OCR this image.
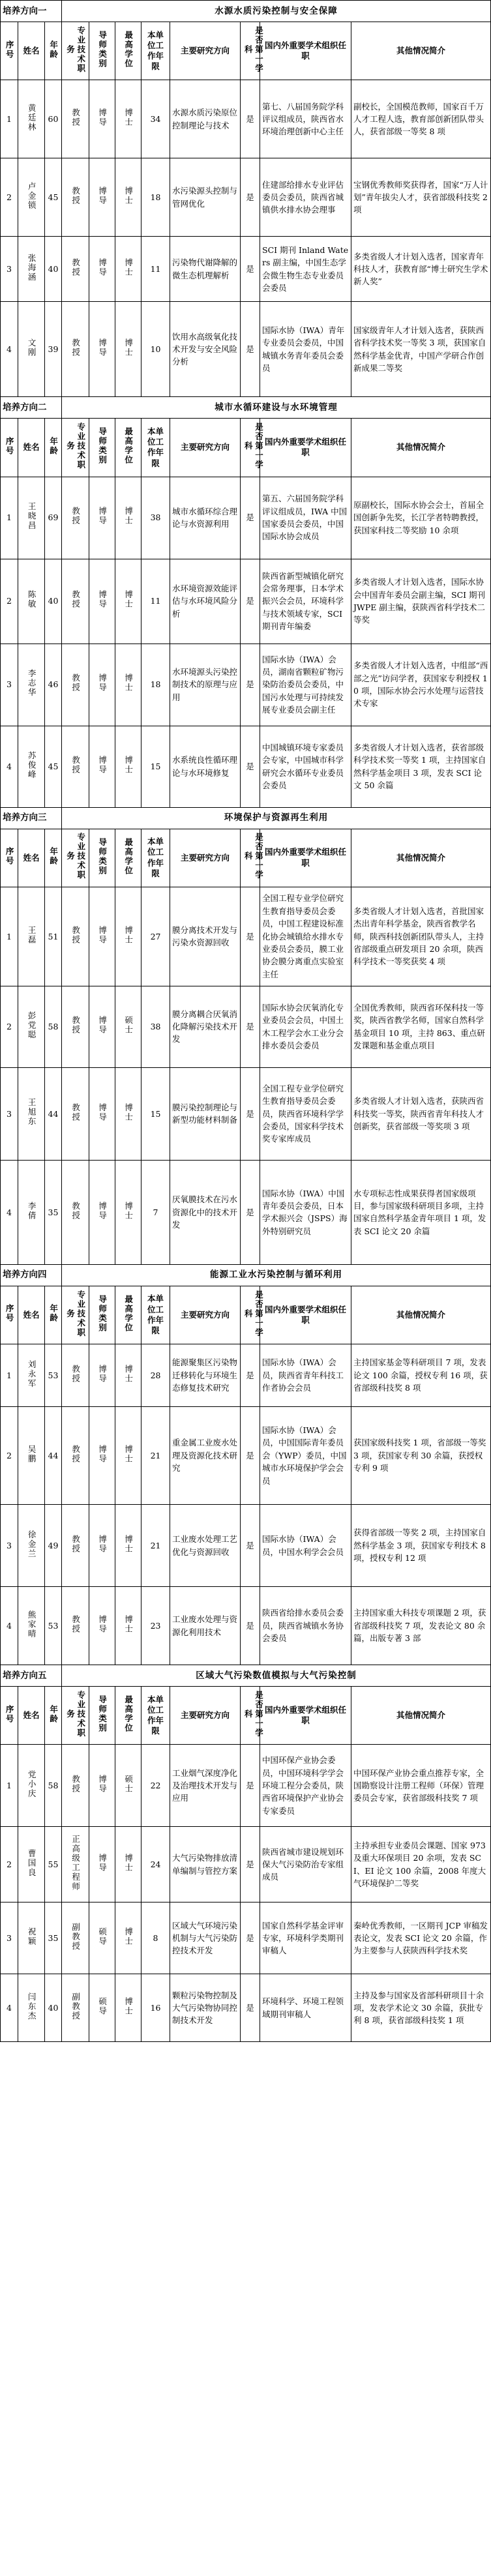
培养方向一			水源水质污染控制与安全保障							
序号	姓名	年龄	专业技术职务	导师类别	最高学位	本单位工作年限	主要研究方向	是否第一学科	国内外重要学术组织任职	其他情况简介
1	黄廷林	60	教授	博导	博士	34	水源水质污染原位控制理论与技术	是	第七、八届国务院学科评议组成员，陕西省水环境治理创新中心主任	副校长，全国模范教师，国家百千万人才工程人选，教育部创新团队带头人，获省部级一等奖 8 项
2	卢金锁	45	教授	博导	博士	18	水污染源头控制与管网优化	是	住建部给排水专业评估委员会委员，陕西省城镇供水排水协会理事	宝钢优秀教师奖获得者，国家“万人计划”青年拔尖人才，获省部级科技奖 2 项
3	张海涵	40	教授	博导	博士	11	污染物代谢降解的微生态机理解析	是	SCI 期刊 Inland Waters 副主编，中国生态学会微生物生态专业委员会委员	多类省级人才计划入选者，国家青年科技人才，获教育部“博士研究生学术新人奖”
4	文刚	39	教授	博导	博士	10	饮用水高级氧化技术开发与安全风险分析	是	国际水协（IWA）青年专业委员会委员，中国城镇水务青年委员会委员	国家级青年人才计划入选者，获陕西省科学技术奖一等奖 3 项，获国家自然科学基金优青，中国产学研合作创新成果二等奖
培养方向二			城市水循环建设与水环境管理							
序号	姓名	年龄	专业技术职务	导师类别	最高学位	本单位工作年限	主要研究方向	是否第一学科	国内外重要学术组织任职	其他情况简介
1	王晓昌	69	教授	博导	博士	38	城市水循环综合理论与水资源利用	是	第五、六届国务院学科评议组成员，IWA 中国国家委员会委员，中国国际水协会成员	原副校长，国际水协会会士，首届全国创新争先奖，长江学者特聘教授，获国家科技二等奖励 10 余项
2	陈敏	40	教授	博导	博士	11	水环境资源效能评估与水环境风险分析	是	陕西省新型城镇化研究会常务理事，日本学术振兴会会员，环境科学与技术领域专家，SCI 期刊青年编委	多类省级人才计划入选者，国际水协会中国青年委员会副主编，SCI 期刊 JWPE 副主编，获陕西省科学技术二等奖
3	李志华	46	教授	博导	博士	18	水环境源头污染控制技术的原理与应用	是	国际水协（IWA）会员，湖南省颗粒矿物污染防治委员会委员，中国污水处理与可持续发展专业委员会副主任	多类省级人才计划入选者，中组部“西部之光”访问学者，获国家专利授权 10 项，国际水协会污水处理与运营技术专家
4	苏俊峰	45	教授	博导	博士	15	水系统良性循环理论与水环境修复	是	中国城镇环境专家委员会专家，中国城市科学研究会水循环专业委员会委员	多类省级人才计划入选者，获省部级科学技术奖一等奖 1 项，主持国家自然科学基金项目 3 项，发表 SCI 论文 50 余篇
培养方向三			环境保护与资源再生利用							
序号	姓名	年龄	专业技术职务	导师类别	最高学位	本单位工作年限	主要研究方向	是否第一学科	国内外重要学术组织任职	其他情况简介
1	王磊	51	教授	博导	博士	27	膜分离技术开发与污染水资源回收	是	全国工程专业学位研究生教育指导委员会委员，中国工程建设标准化协会城镇给水排水专业委员会委员，膜工业协会膜分离重点实验室主任	多类省级人才计划入选者，首批国家杰出青年科学基金，陕西省教学名师，陕西科技创新团队带头人，主持省部级重点研发项目 20 余项，陕西科学技术一等奖获奖 4 项
2	彭党聪	58	教授	博导	硕士	38	膜分离耦合厌氧消化降解污染技术开发	是	国际水协会厌氧消化专业委员会会员，中国土木工程学会水工业分会排水委员会委员	全国优秀教师，陕西省环保科技一等奖，陕西省教学名师，国家自然科学基金项目 10 项，主持 863、重点研发课题和基金重点项目
3	王旭东	44	教授	博导	博士	15	膜污染控制理论与新型功能材料制备	是	全国工程专业学位研究生教育指导委员会委员，陕西省环境科学学会委员，国家科学技术奖专家库成员	多类省级人才计划入选者，获陕西省科技奖一等奖，陕西省青年科技人才创新奖，获省部级一等奖项 3 项
4	李倩	35	教授	博导	博士	7	厌氧膜技术在污水资源化中的技术开发	是	国际水协（IWA）中国青年委员会委员，日本学术振兴会（JSPS）海外特别研究员	水专项标志性成果获得者国家级项目，参与国家级科研项目多项，主持国家自然科学基金青年项目 1 项，发表 SCI 论文 20 余篇
培养方向四			能源工业水污染控制与循环利用							
序号	姓名	年龄	专业技术职务	导师类别	最高学位	本单位工作年限	主要研究方向	是否第一学科	国内外重要学术组织任职	其他情况简介
1	刘永军	53	教授	博导	博士	28	能源聚集区污染物迁移转化与环境生态修复技术研究	是	国际水协（IWA）会员，陕西省青年科技工作者协会会员	主持国家基金等科研项目 7 项，发表论文 100 余篇，授权专利 16 项，获省部级科技奖 8 项
2	吴鹏	44	教授	博导	博士	21	重金属工业废水处理及资源化技术研究	是	国际水协（IWA）会员，中国国际青年委员会（YWP）委员，中国城市水环境保护学会会员	获国家级科技奖 1 项，省部级一等奖 3 项，获国家专利 30 余篇，获授权专利 9 项
3	徐金兰	49	教授	博导	博士	21	工业废水处理工艺优化与资源回收	是	国际水协（IWA）会员，中国水利学会会员	获得省部级一等奖 2 项，主持国家自然科学基金 3 项，获国家专利技术 8 项，授权专利 12 项
4	熊家晴	53	教授	博导	博士	23	工业废水处理与资源化利用技术	是	陕西省给排水委员会委员，陕西省城镇水务协会委员	主持国家重大科技专项课题 2 项，获省部级科技奖 7 项，发表论文 80 余篇，出版专著 3 部
培养方向五			区域大气污染数值模拟与大气污染控制							
序号	姓名	年龄	专业技术职务	导师类别	最高学位	本单位工作年限	主要研究方向	是否第一学科	国内外重要学术组织任职	其他情况简介
1	党小庆	58	教授	博导	硕士	22	工业烟气深度净化及治理技术开发与应用	是	中国环保产业协会委员，中国环境科学学会环境工程分会委员，陕西省环境保护产业协会专家委员	中国环保产业协会重点推荐专家，全国勘察设计注册工程师（环保）管理委员会专家，获省部级科技奖 7 项
2	曹国良	55	正高级工程师	博导	博士	24	大气污染物排放清单编制与管控方案	是	陕西省城市建设规划环保大气污染防治专家组成员	主持承担专业委员会课题、国家 973 及重大环保项目 20 余项，发表 SCI、EI 论文 100 余篇，2008 年度大气环境保护二等奖
3	祝颖	35	副教授	硕导	博士	8	区域大气环境污染机制与大气污染防控技术开发	是	国家自然科学基金评审专家，环境科学类期刊审稿人	秦岭优秀教师，一区期刊 JCP 审稿发表论文，发表 SCI 论文 20 余篇，作为主要参与人获陕西科学技术奖
4	闫东杰	40	副教授	硕导	博士	16	颗粒污染物控制及大气污染物协同控制技术开发	是	环境科学、环境工程领域期刊审稿人	主持及参与国家及省部科研项目十余项，发表学术论文 30 余篇，获批专利 8 项，获省部级科技奖 1 项
